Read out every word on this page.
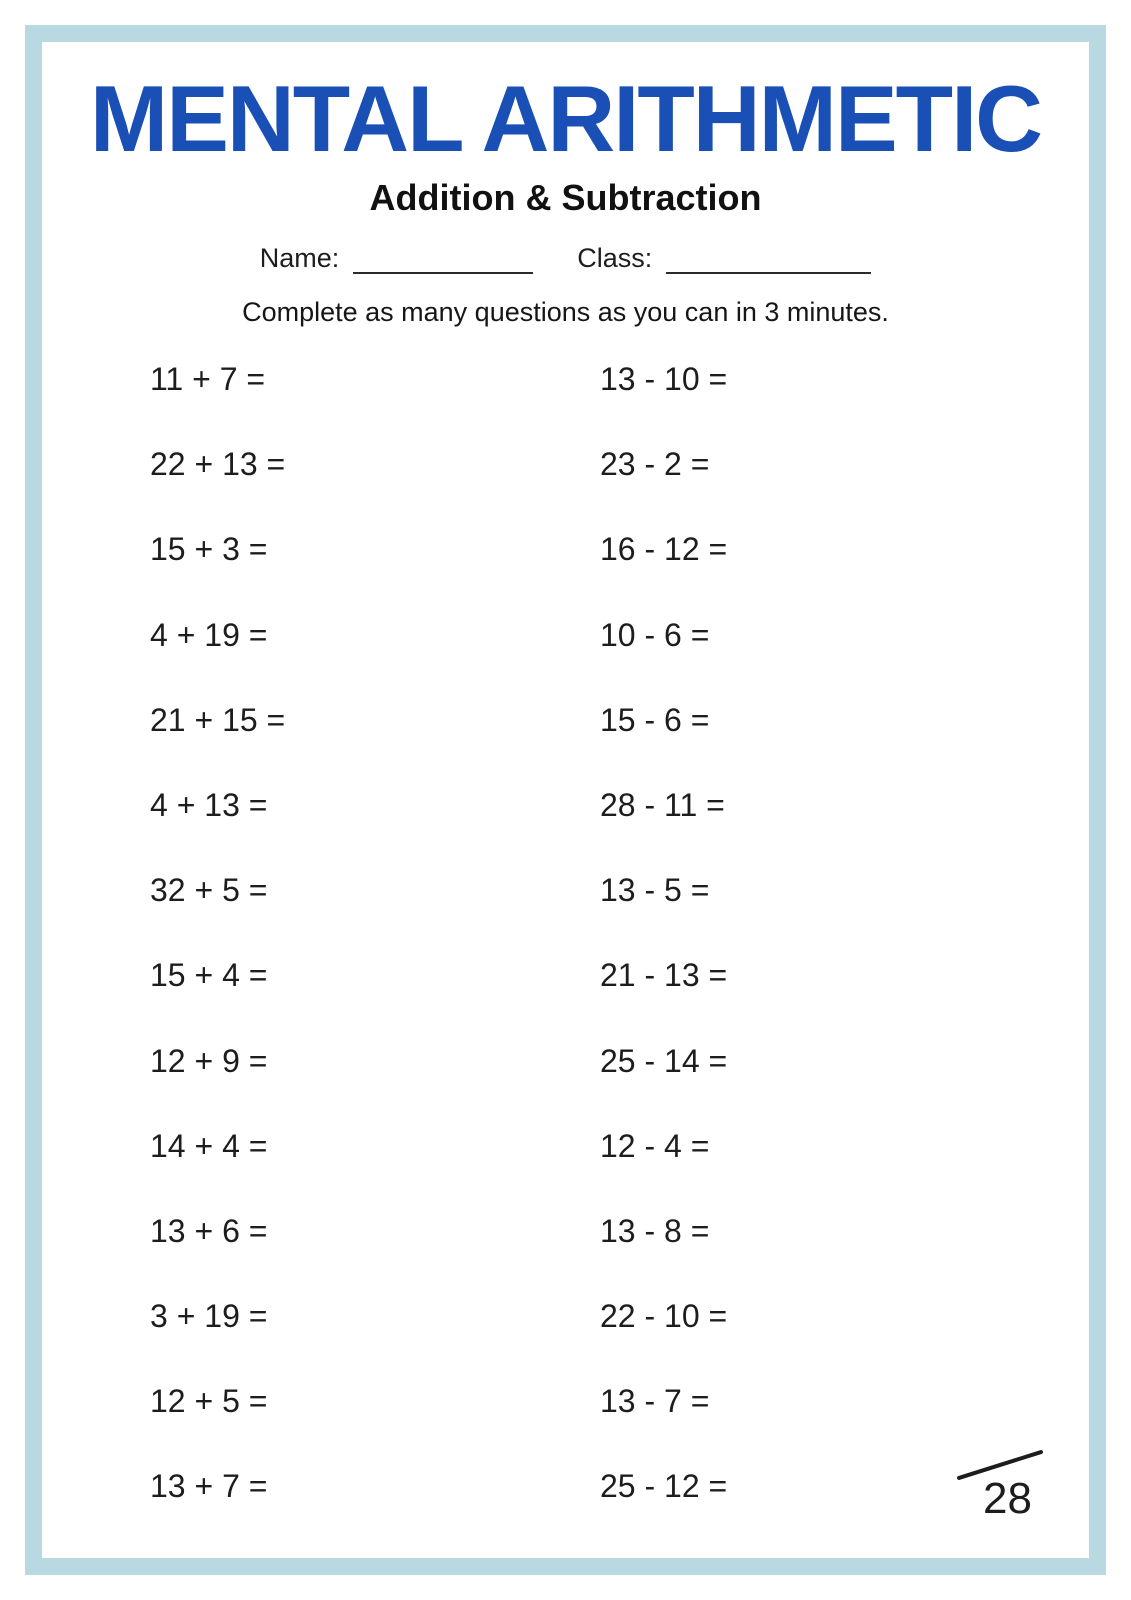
MENTAL ARITHMETIC
Addition & Subtraction
Name:	Class:
Complete as many questions as you can in 3 minutes.
11 + 7 =
22 + 13 =
15 + 3 =
4 + 19 =
21 + 15 =
4 + 13 =
32 + 5 =
15 + 4 =
12 + 9 =
14 + 4 =
13 + 6 =
3 + 19 =
12 + 5 =
13 + 7 =
13 - 10 =
23 - 2 =
16 - 12 =
10 - 6 =
15 - 6 =
28 - 11 =
13 - 5 =
21 - 13 =
25 - 14 =
12 - 4 =
13 - 8 =
22 - 10 =
13 - 7 =
25 - 12 =	28
